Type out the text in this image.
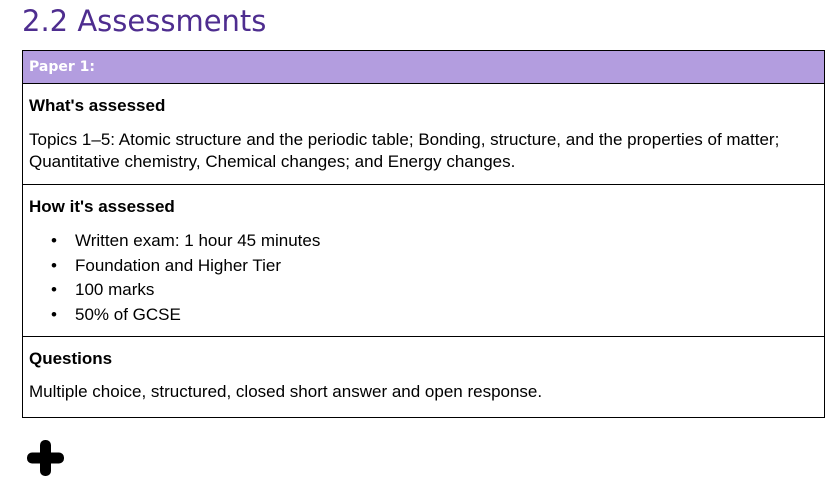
2.2 Assessments
Paper 1:

What's assessed

Topics 1–5: Atomic structure and the periodic table; Bonding, structure, and the properties of matter; Quantitative chemistry, Chemical changes; and Energy changes.

How it's assessed

• Written exam: 1 hour 45 minutes
• Foundation and Higher Tier
• 100 marks
• 50% of GCSE

Questions

Multiple choice, structured, closed short answer and open response.
